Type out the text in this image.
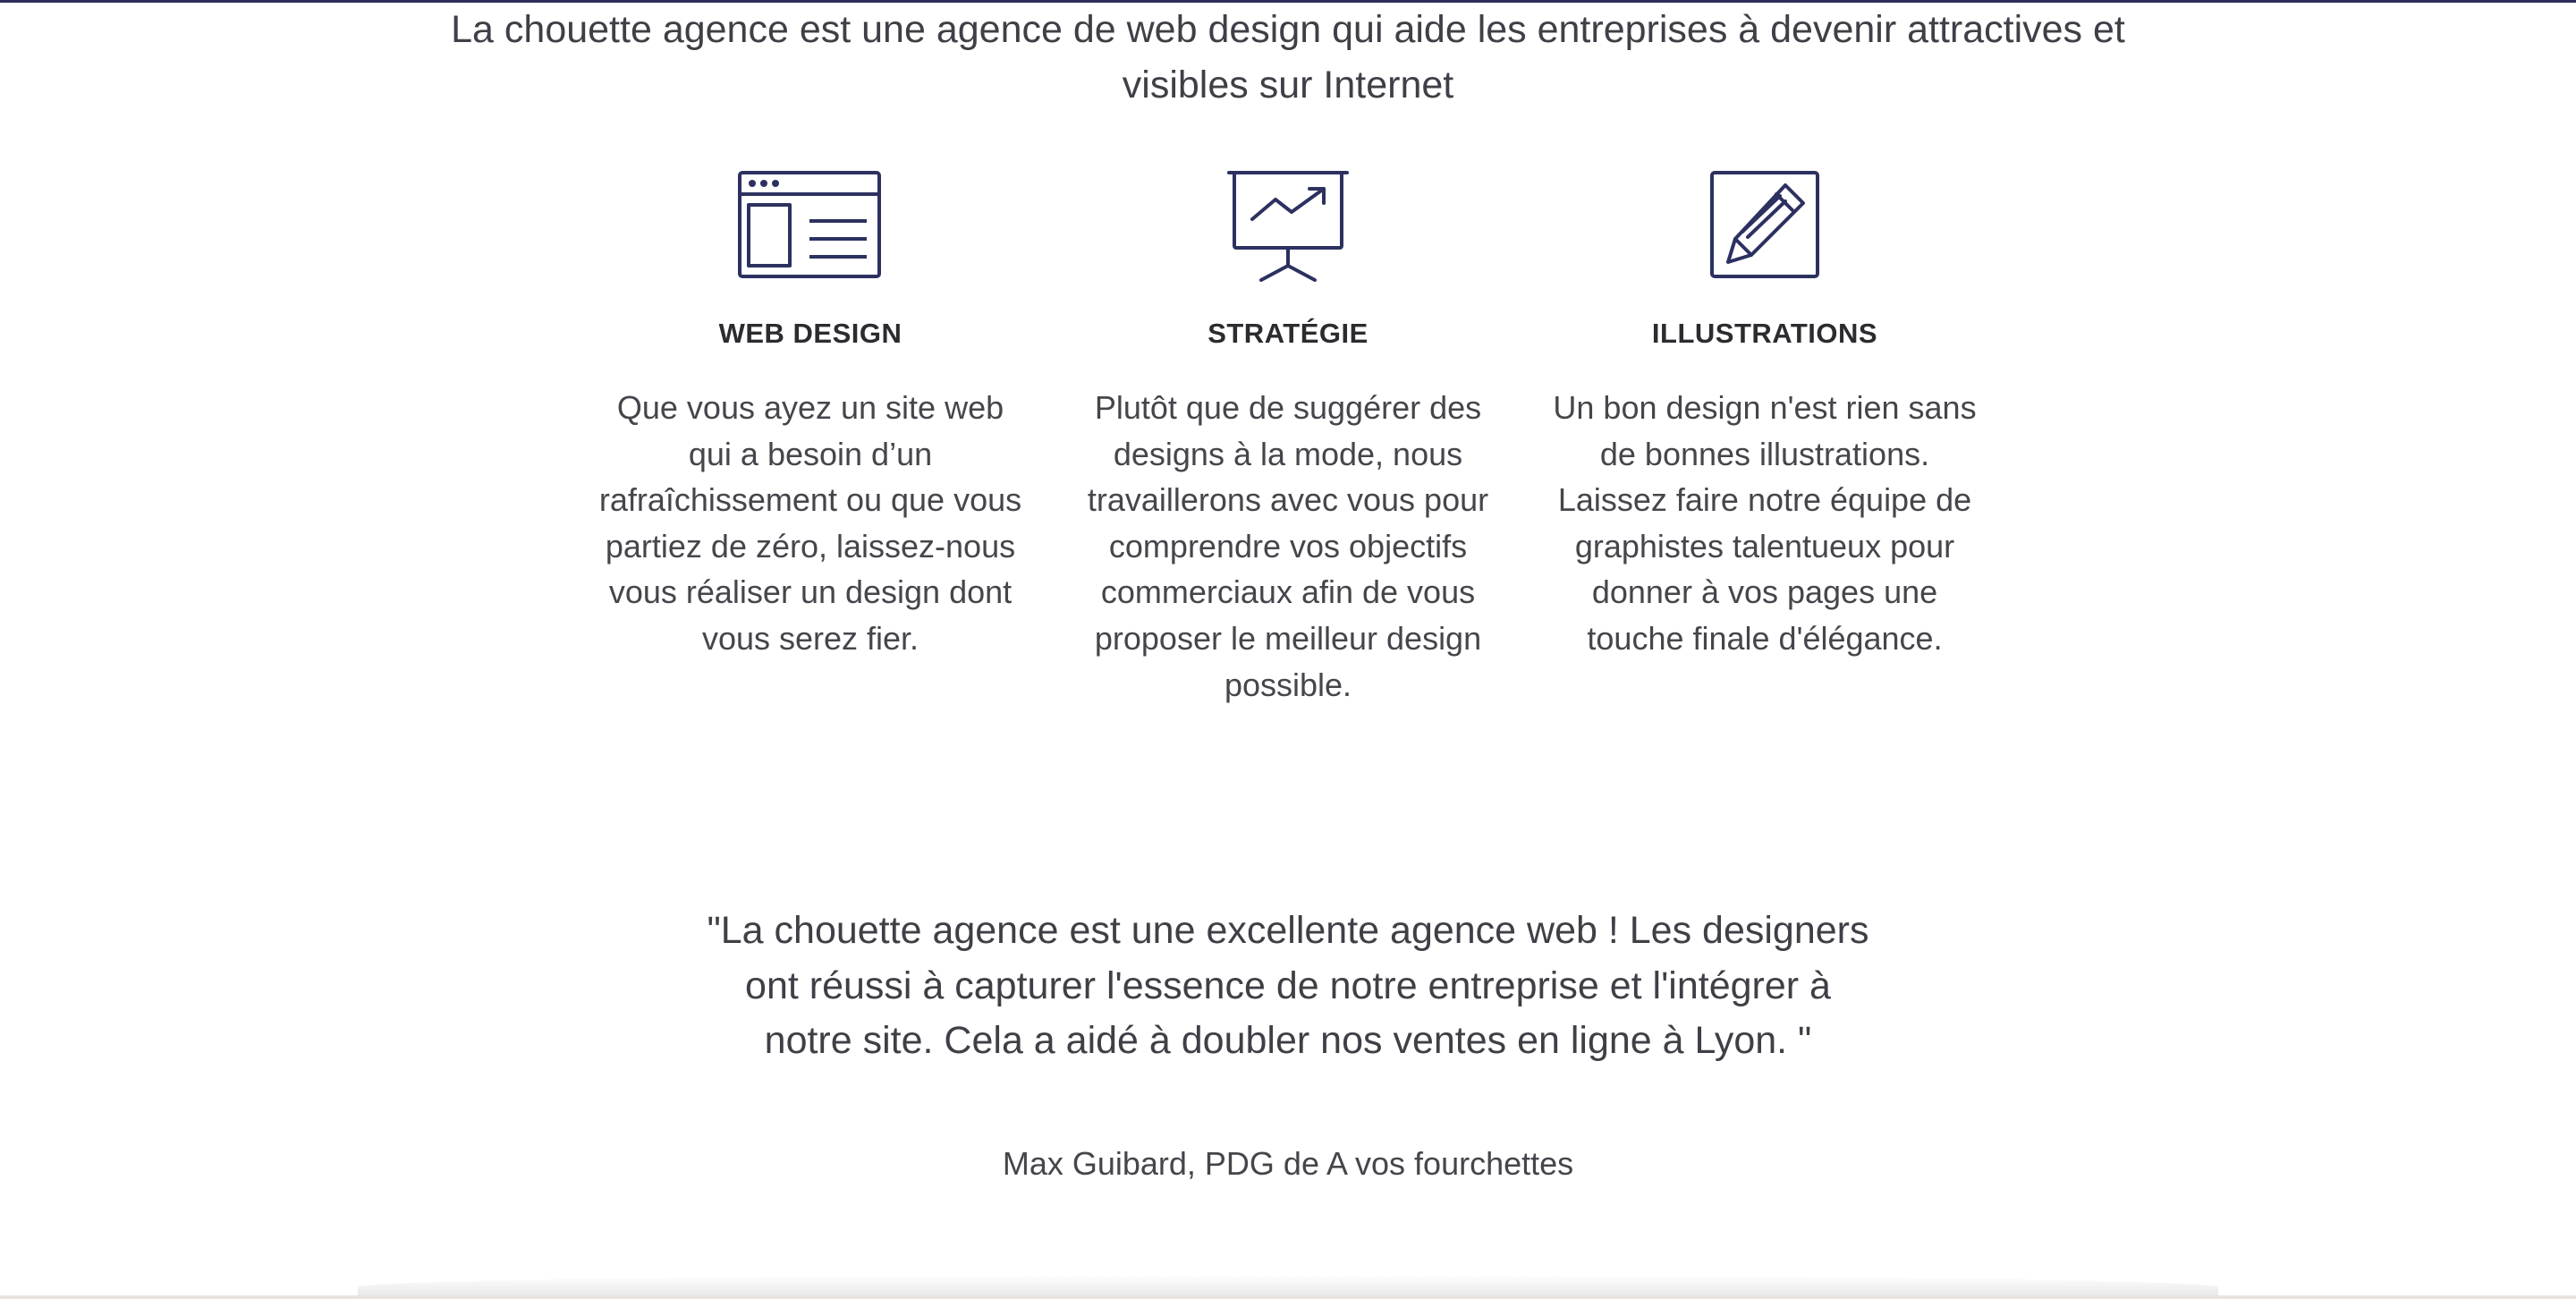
La chouette agence est une agence de web design qui aide les entreprises à devenir attractives et visibles sur Internet

WEB DESIGN

Que vous ayez un site web qui a besoin d’un rafraîchissement ou que vous partiez de zéro, laissez-nous vous réaliser un design dont vous serez fier.

STRATÉGIE

Plutôt que de suggérer des designs à la mode, nous travaillerons avec vous pour comprendre vos objectifs commerciaux afin de vous proposer le meilleur design possible.

ILLUSTRATIONS

Un bon design n'est rien sans de bonnes illustrations. Laissez faire notre équipe de graphistes talentueux pour donner à vos pages une touche finale d'élégance.

"La chouette agence est une excellente agence web ! Les designers ont réussi à capturer l'essence de notre entreprise et l'intégrer à notre site. Cela a aidé à doubler nos ventes en ligne à Lyon. "

Max Guibard, PDG de A vos fourchettes
